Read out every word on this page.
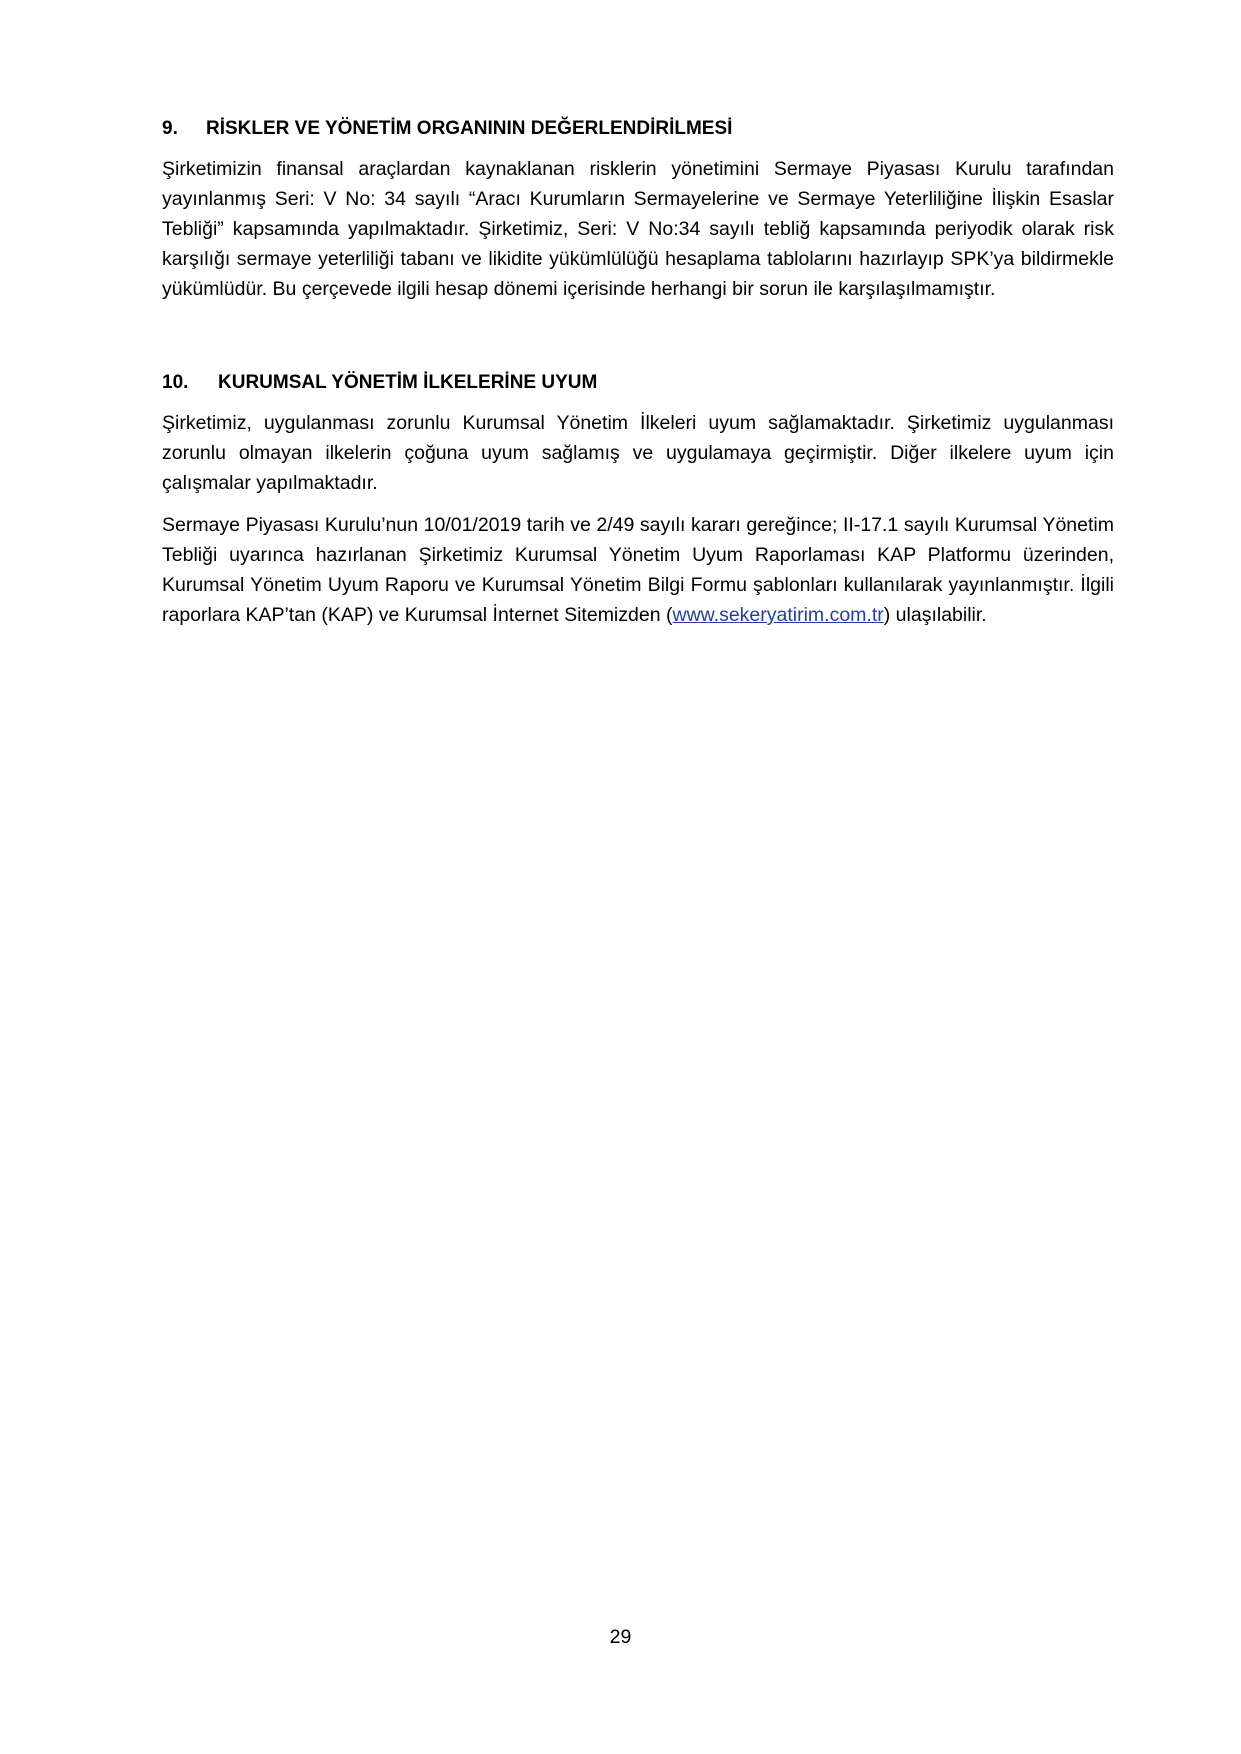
9.	RİSKLER VE YÖNETİM ORGANININ DEĞERLENDİRİLMESİ

Şirketimizin finansal araçlardan kaynaklanan risklerin yönetimini Sermaye Piyasası Kurulu tarafından yayınlanmış Seri: V No: 34 sayılı “Aracı Kurumların Sermayelerine ve Sermaye Yeterliliğine İlişkin Esaslar Tebliği” kapsamında yapılmaktadır. Şirketimiz, Seri: V No:34 sayılı tebliğ kapsamında periyodik olarak risk karşılığı sermaye yeterliliği tabanı ve likidite yükümlülüğü hesaplama tablolarını hazırlayıp SPK’ya bildirmekle yükümlüdür. Bu çerçevede ilgili hesap dönemi içerisinde herhangi bir sorun ile karşılaşılmamıştır.

10.	KURUMSAL YÖNETİM İLKELERİNE UYUM

Şirketimiz, uygulanması zorunlu Kurumsal Yönetim İlkeleri uyum sağlamaktadır. Şirketimiz uygulanması zorunlu olmayan ilkelerin çoğuna uyum sağlamış ve uygulamaya geçirmiştir. Diğer ilkelere uyum için çalışmalar yapılmaktadır.

Sermaye Piyasası Kurulu’nun 10/01/2019 tarih ve 2/49 sayılı kararı gereğince; II-17.1 sayılı Kurumsal Yönetim Tebliği uyarınca hazırlanan Şirketimiz Kurumsal Yönetim Uyum Raporlaması KAP Platformu üzerinden, Kurumsal Yönetim Uyum Raporu ve Kurumsal Yönetim Bilgi Formu şablonları kullanılarak yayınlanmıştır. İlgili raporlara KAP’tan (KAP) ve Kurumsal İnternet Sitemizden (www.sekeryatirim.com.tr) ulaşılabilir.

29
